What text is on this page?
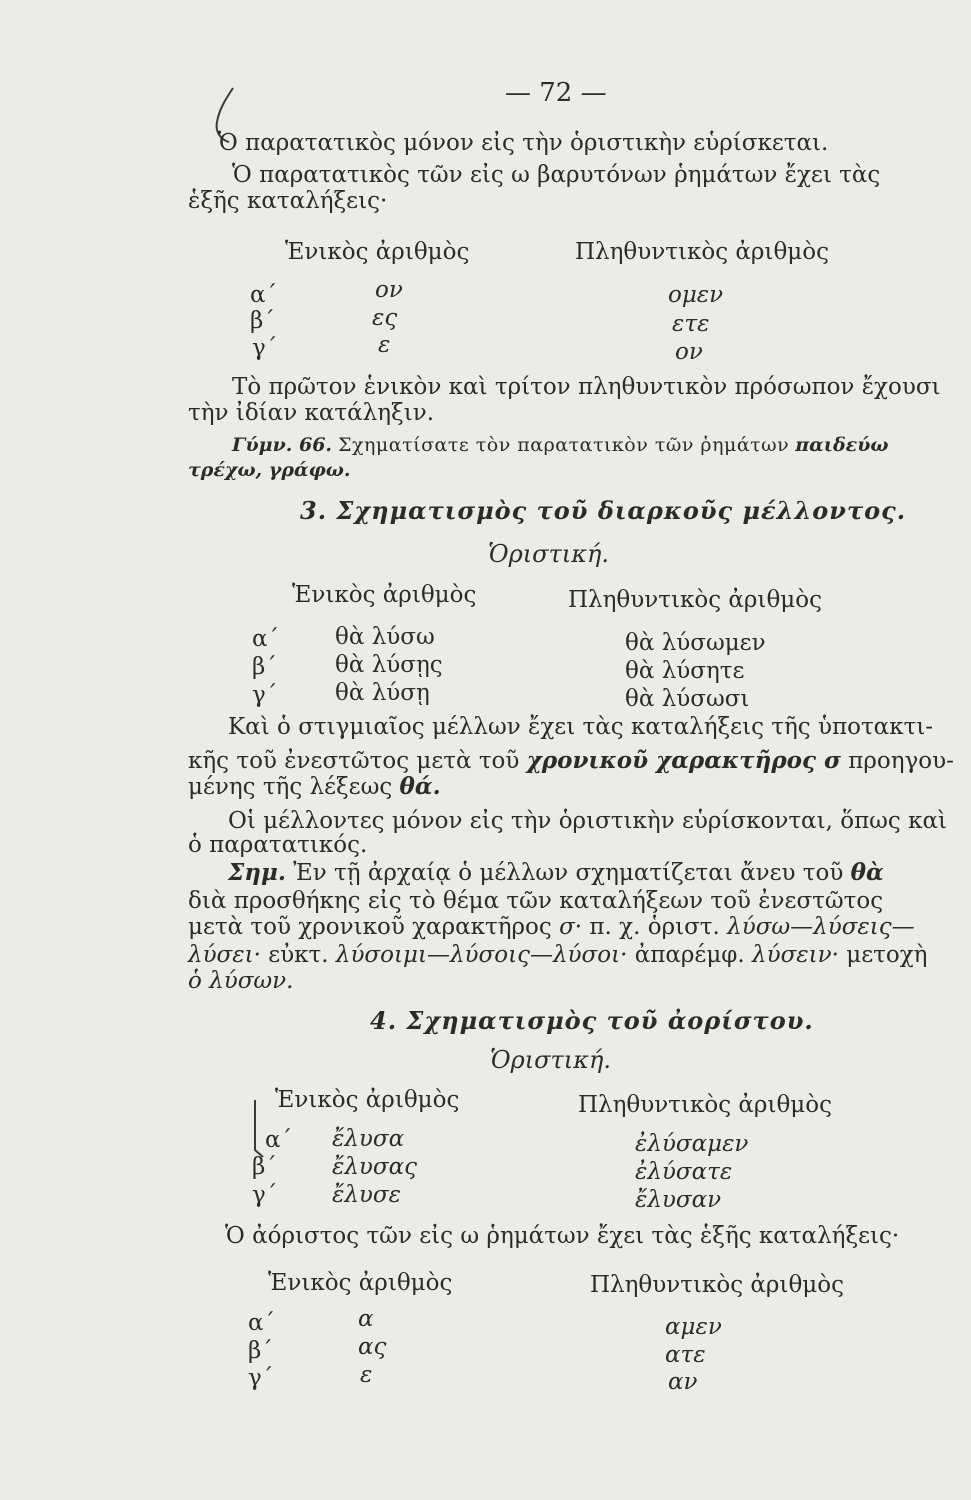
— 72 —
Ὁ παρατατικὸς μόνον εἰς τὴν ὁριστικὴν εὑρίσκεται.
Ὁ παρατατικὸς τῶν εἰς ω βαρυτόνων ῥημάτων ἔχει τὰς
ἑξῆς καταλήξεις·
Ἑνικὸς ἀριθμὸς	Πληθυντικὸς ἀριθμὸς
α΄	ον	ομεν
β΄	ες	ετε
γ΄	ε	ον
Τὸ πρῶτον ἑνικὸν καὶ τρίτον πληθυντικὸν πρόσωπον ἔχουσι
τὴν ἰδίαν κατάληξιν.
Γύμν. 66. Σχηματίσατε τὸν παρατατικὸν τῶν ῥημάτων παιδεύω
τρέχω, γράφω.
3. Σχηματισμὸς τοῦ διαρκοῦς μέλλοντος.
Ὁριστική.
Ἑνικὸς ἀριθμὸς	Πληθυντικὸς ἀριθμὸς
α΄ θὰ λύσω	θὰ λύσωμεν
β΄	θὰ λύσῃς	θὰ λύσητε
γ΄	θὰ λύσῃ	θὰ λύσωσι
Καὶ ὁ στιγμιαῖος μέλλων ἔχει τὰς καταλήξεις τῆς ὑποτακτι-
κῆς τοῦ ἐνεστῶτος μετὰ τοῦ χρονικοῦ χαρακτῆρος σ προηγου-
μένης τῆς λέξεως θά.
Οἱ μέλλοντες μόνον εἰς τὴν ὁριστικὴν εὑρίσκονται, ὅπως καὶ
ὁ παρατατικός.
Σημ. Ἐν τῇ ἀρχαίᾳ ὁ μέλλων σχηματίζεται ἄνευ τοῦ θὰ
διὰ προσθήκης εἰς τὸ θέμα τῶν καταλήξεων τοῦ ἐνεστῶτος
μετὰ τοῦ χρονικοῦ χαρακτῆρος σ· π. χ. ὁριστ. λύσω—λύσεις—
λύσει· εὐκτ. λύσοιμι—λύσοις—λύσοι· ἀπαρέμφ. λύσειν· μετοχὴ
ὁ λύσων.
4. Σχηματισμὸς τοῦ ἀορίστου.
Ὁριστική.
Ἑνικὸς ἀριθμὸς	Πληθυντικὸς ἀριθμὸς
α΄ ἔλυσα	ἐλύσαμεν
β΄ ἔλυσας	ἐλύσατε
γ΄ ἔλυσε	ἔλυσαν
Ὁ ἀόριστος τῶν εἰς ω ῥημάτων ἔχει τὰς ἑξῆς καταλήξεις·
Ἑνικὸς ἀριθμὸς	Πληθυντικὸς ἀριθμὸς
α΄	α	αμεν
β΄	ας	ατε
γ΄	ε	αν
